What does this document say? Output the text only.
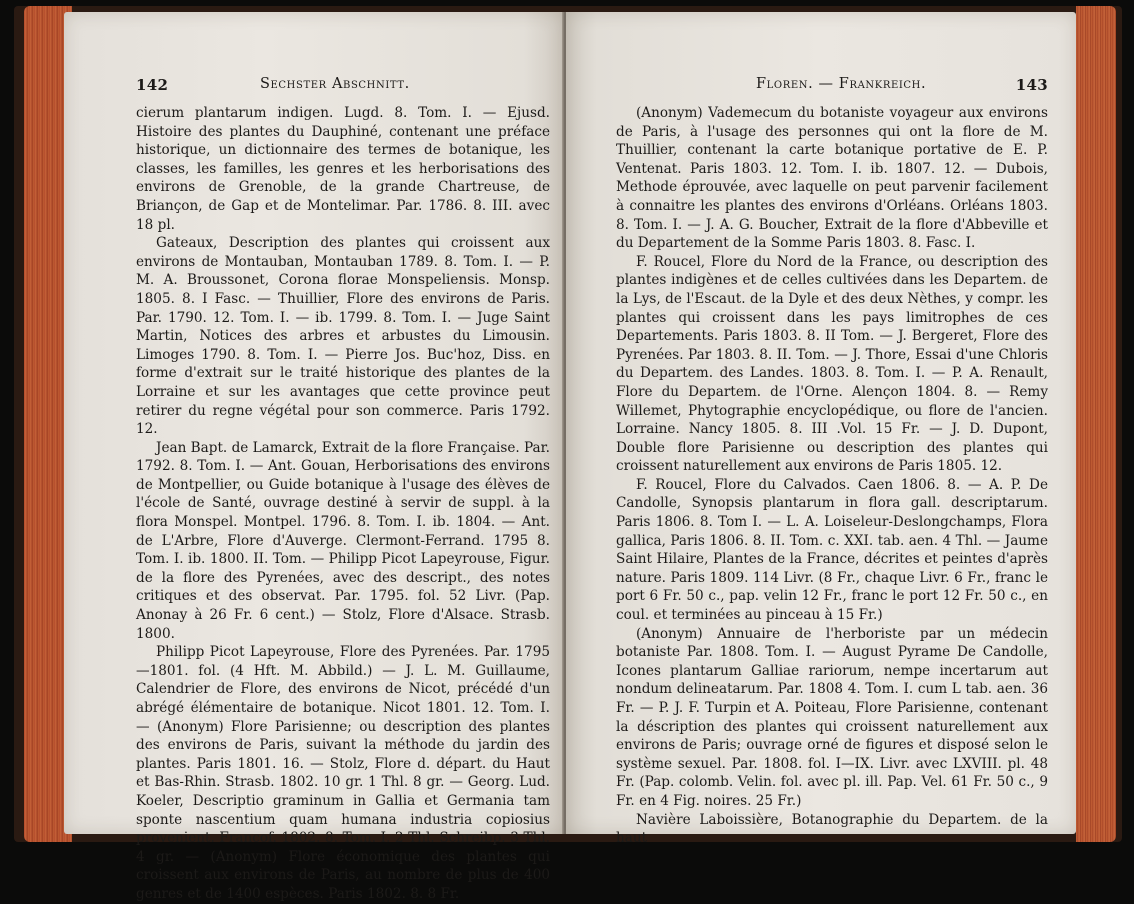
142	Sechster Abschnitt.

cierum plantarum indigen. Lugd. 8. Tom. I. — Ejusd. Histoire des plantes du Dauphiné, contenant une préface historique, un dictionnaire des termes de botanique, les classes, les familles, les genres et les herborisations des environs de Grenoble, de la grande Chartreuse, de Briançon, de Gap et de Montelimar. Par. 1786. 8. III. avec 18 pl.

Gateaux, Description des plantes qui croissent aux environs de Montauban, Montauban 1789. 8. Tom. I. — P. M. A. Broussonet, Corona florae Monspeliensis. Monsp. 1805. 8. I Fasc. — Thuillier, Flore des environs de Paris. Par. 1790. 12. Tom. I. — ib. 1799. 8. Tom. I. — Juge Saint Martin, Notices des arbres et arbustes du Limousin. Limoges 1790. 8. Tom. I. — Pierre Jos. Buc'hoz, Diss. en forme d'extrait sur le traité historique des plantes de la Lorraine et sur les avantages que cette province peut retirer du regne végétal pour son commerce. Paris 1792. 12.

Jean Bapt. de Lamarck, Extrait de la flore Française. Par. 1792. 8. Tom. I. — Ant. Gouan, Herborisations des environs de Montpellier, ou Guide botanique à l'usage des élèves de l'école de Santé, ouvrage destiné à servir de suppl. à la flora Monspel. Montpel. 1796. 8. Tom. I. ib. 1804. — Ant. de L'Arbre, Flore d'Auverge. Clermont-Ferrand. 1795 8. Tom. I. ib. 1800. II. Tom. — Philipp Picot Lapeyrouse, Figur. de la flore des Pyrenées, avec des descript., des notes critiques et des observat. Par. 1795. fol. 52 Livr. (Pap. Anonay à 26 Fr. 6 cent.) — Stolz, Flore d'Alsace. Strasb. 1800.

Philipp Picot Lapeyrouse, Flore des Pyrenées. Par. 1795—1801. fol. (4 Hft. M. Abbild.) — J. L. M. Guillaume, Calendrier de Flore, des environs de Nicot, précédé d'un abrégé élémentaire de botanique. Nicot 1801. 12. Tom. I. — (Anonym) Flore Parisienne; ou description des plantes des environs de Paris, suivant la méthode du jardin des plantes. Paris 1801. 16. — Stolz, Flore d. départ. du Haut et Bas-Rhin. Strasb. 1802. 10 gr. 1 Thl. 8 gr. — Georg. Lud. Koeler, Descriptio graminum in Gallia et Germania tam sponte nascentium quam humana industria copiosius provenient. Francof. 1802. 8. Tom. I. 2 Thl. Schreibp. 3 Thl. 4 gr. — (Anonym) Flore économique des plantes qui croissent aux environs de Paris, au nombre de plus de 400 genres et de 1400 espèces. Paris 1802. 8. 8 Fr.

Floren. — Frankreich.	143

(Anonym) Vademecum du botaniste voyageur aux environs de Paris, à l'usage des personnes qui ont la flore de M. Thuillier, contenant la carte botanique portative de E. P. Ventenat. Paris 1803. 12. Tom. I. ib. 1807. 12. — Dubois, Methode éprouvée, avec laquelle on peut parvenir facilement à connaitre les plantes des environs d'Orléans. Orléans 1803. 8. Tom. I. — J. A. G. Boucher, Extrait de la flore d'Abbeville et du Departement de la Somme Paris 1803. 8. Fasc. I.

F. Roucel, Flore du Nord de la France, ou description des plantes indigènes et de celles cultivées dans les Departem. de la Lys, de l'Escaut. de la Dyle et des deux Nèthes, y compr. les plantes qui croissent dans les pays limitrophes de ces Departements. Paris 1803. 8. II Tom. — J. Bergeret, Flore des Pyrenées. Par 1803. 8. II. Tom. — J. Thore, Essai d'une Chloris du Departem. des Landes. 1803. 8. Tom. I. — P. A. Renault, Flore du Departem. de l'Orne. Alençon 1804. 8. — Remy Willemet, Phytographie encyclopédique, ou flore de l'ancien. Lorraine. Nancy 1805. 8. III .Vol. 15 Fr. — J. D. Dupont, Double flore Parisienne ou description des plantes qui croissent naturellement aux environs de Paris 1805. 12.

F. Roucel, Flore du Calvados. Caen 1806. 8. — A. P. De Candolle, Synopsis plantarum in flora gall. descriptarum. Paris 1806. 8. Tom I. — L. A. Loiseleur-Deslongchamps, Flora gallica, Paris 1806. 8. II. Tom. c. XXI. tab. aen. 4 Thl. — Jaume Saint Hilaire, Plantes de la France, décrites et peintes d'après nature. Paris 1809. 114 Livr. (8 Fr., chaque Livr. 6 Fr., franc le port 6 Fr. 50 c., pap. velin 12 Fr., franc le port 12 Fr. 50 c., en coul. et terminées au pinceau à 15 Fr.)

(Anonym) Annuaire de l'herboriste par un médecin botaniste Par. 1808. Tom. I. — August Pyrame De Candolle, Icones plantarum Galliae rariorum, nempe incertarum aut nondum delineatarum. Par. 1808 4. Tom. I. cum L tab. aen. 36 Fr. — P. J. F. Turpin et A. Poiteau, Flore Parisienne, contenant la déscription des plantes qui croissent naturellement aux environs de Paris; ouvrage orné de figures et disposé selon le système sexuel. Par. 1808. fol. I—IX. Livr. avec LXVIII. pl. 48 Fr. (Pap. colomb. Velin. fol. avec pl. ill. Pap. Vel. 61 Fr. 50 c., 9 Fr. en 4 Fig. noires. 25 Fr.)

Navière Laboissière, Botanographie du Departem. de la haut
